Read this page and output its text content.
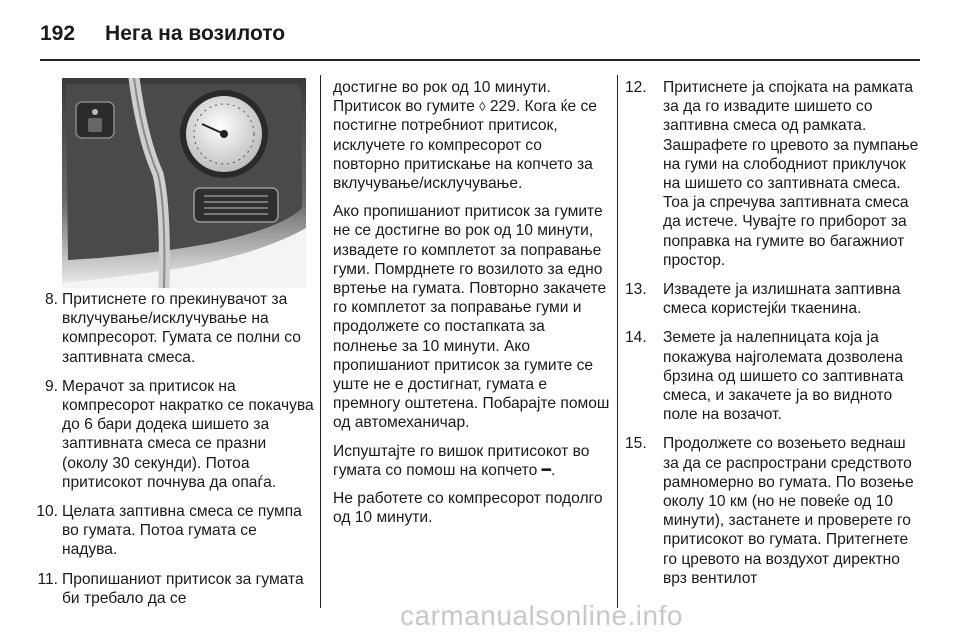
192 Нега на возилото
8. Притиснете го прекинувачот за вклучување/исклучување на компресорот. Гумата се полни со заптивната смеса.
9. Мерачот за притисок на компресорот накратко се покачува до 6 бари додека шишето за заптивната смеса се празни (околу 30 секунди). Потоа притисокот почнува да опаѓа.
10. Целата заптивна смеса се пумпа во гумата. Потоа гумата се надува.
11. Пропишаниот притисок за гумата би требало да се

достигне во рок од 10 минути. Притисок во гумите ◊ 229. Кога ќе се постигне потребниот притисок, исклучете го компресорот со повторно притискање на копчето за вклучување/исклучување.

Ако пропишаниот притисок за гумите не се достигне во рок од 10 минути, извадете го комплетот за поправање гуми. Помрднете го возилото за едно вртење на гумата. Повторно закачете го комплетот за поправање гуми и продолжете со постапката за полнење за 10 минути. Ако пропишаниот притисок за гумите се уште не е достигнат, гумата е премногу оштетена. Побарајте помош од автомеханичар.

Испуштајте го вишок притисокот во гумата со помош на копчето ━.

Не работете со компресорот подолго од 10 минути.

12.	Притиснете ја спојката на рамката за да го извадите шишето со заптивна смеса од рамката. Зашрафете го цревото за пумпање на гуми на слободниот приклучок на шишето со заптивната смеса. Тоа ја спречува заптивната смеса да истече. Чувајте го приборот за поправка на гумите во багажниот простор.
13.	Извадете ја излишната заптивна смеса користејќи ткаенина.
14.	Земете ја налепницата која ја покажува најголемата дозволена брзина од шишето со заптивната смеса, и закачете ја во видното поле на возачот.
15.	Продолжете со возењето веднаш за да се распространи средството рамномерно во гумата. По возење околу 10 км (но не повеќе од 10 минути), застанете и проверете го притисокот во гумата. Притегнете го цревото на воздухот директно врз вентилот
carmanualsonline.info
